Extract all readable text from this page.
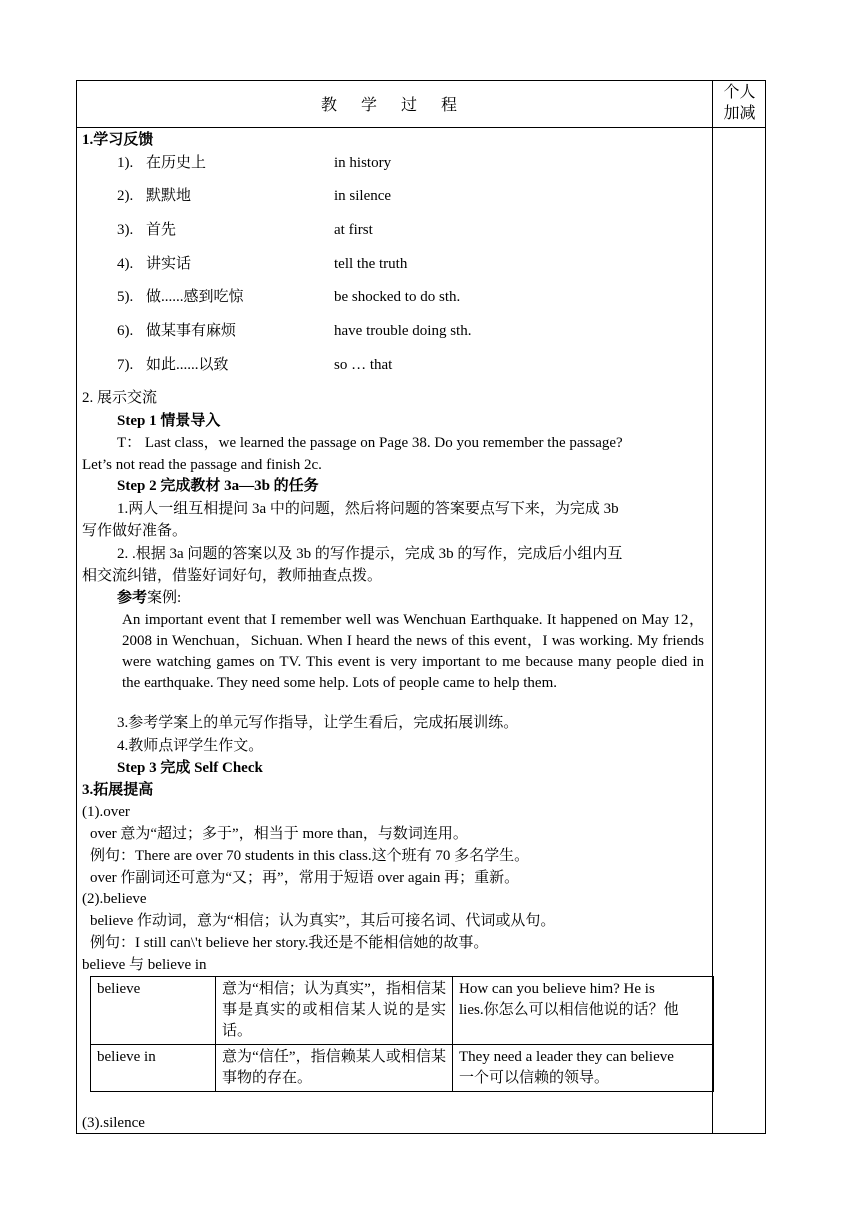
教 学 过 程
个人
加减
1.学习反馈
1). 在历史上	in history
2). 默默地	in silence
3). 首先	at first
4). 讲实话	tell the truth
5). 做......感到吃惊	be shocked to do sth.
6). 做某事有麻烦	have trouble doing sth.
7). 如此......以致	so … that
2. 展示交流
Step 1 情景导入
T： Last class，we learned the passage on Page 38. Do you remember the passage?
Let’s not read the passage and finish 2c.
Step 2 完成教材 3a—3b 的任务
1.两人一组互相提问 3a 中的问题，然后将问题的答案要点写下来，为完成 3b
写作做好准备。
2. .根据 3a 问题的答案以及 3b 的写作提示，完成 3b 的写作，完成后小组内互
相交流纠错，借鉴好词好句，教师抽查点拨。
参考案例:
An important event that I remember well was Wenchuan Earthquake. It happened on May 12，2008 in Wenchuan，Sichuan. When I heard the news of this event，I was working. My friends were watching games on TV. This event is very important to me because many people died in the earthquake. They need some help. Lots of people came to help them.
3.参考学案上的单元写作指导，让学生看后，完成拓展训练。
4.教师点评学生作文。
Step 3 完成 Self Check
3.拓展提高
(1).over
over 意为“超过；多于”，相当于 more than，与数词连用。
例句：There are over 70 students in this class.这个班有 70 多名学生。
over 作副词还可意为“又；再”，常用于短语 over again 再；重新。
(2).believe
believe 作动词，意为“相信；认为真实”，其后可接名词、代词或从句。
例句：I still can\'t believe her story.我还是不能相信她的故事。
believe 与 believe in
believe	意为“相信；认为真实”，指相信某事是真实的或相信某人说的是实话。	How can you believe him? He is
lies.你怎么可以相信他说的话？他

believe in	意为“信任”，指信赖某人或相信某事物的存在。	They need a leader they can believe
一个可以信赖的领导。
(3).silence
